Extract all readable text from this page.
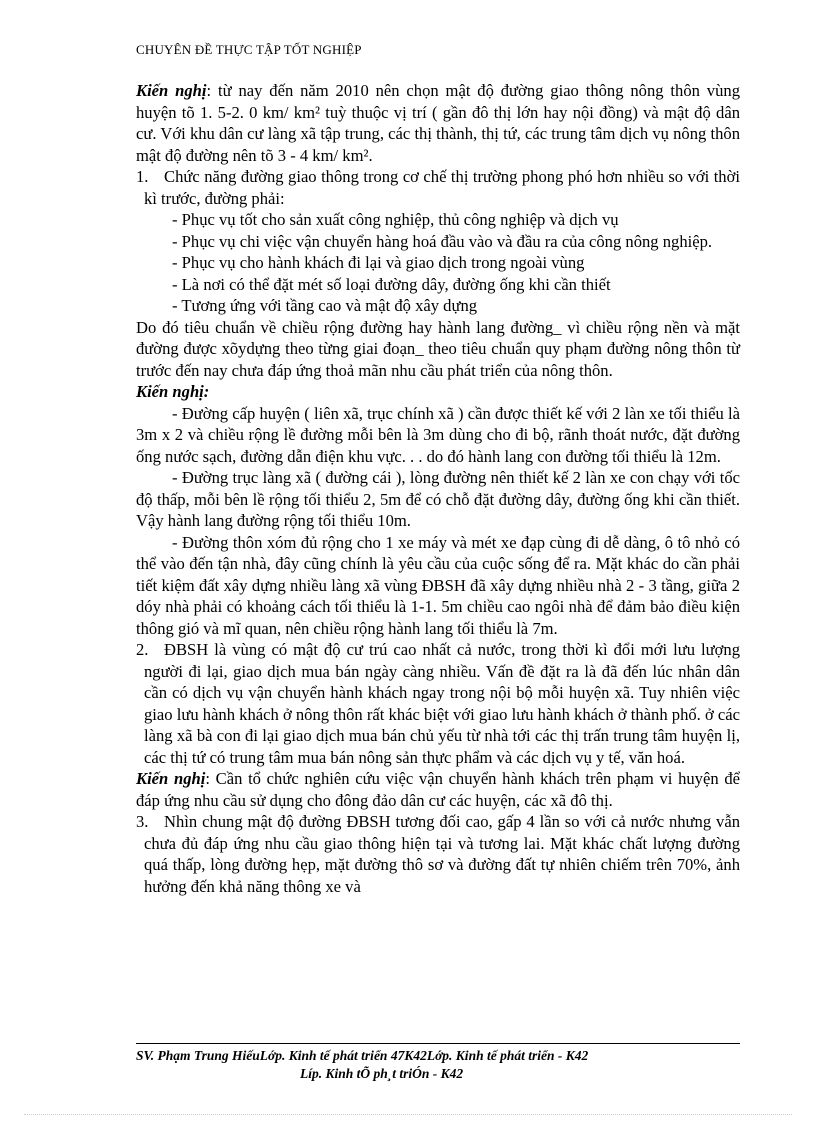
CHUYÊN ĐỀ THỰC TẬP TỐT NGHIỆP

Kiến nghị: từ nay đến năm 2010 nên chọn mật độ đường giao thông nông thôn vùng huyện tõ 1. 5-2. 0 km/ km² tuỳ thuộc vị trí ( gần đô thị lớn hay nội đồng) và mật độ dân cư. Với khu dân cư làng xã tập trung, các thị thành, thị tứ, các trung tâm dịch vụ nông thôn mật độ đường nên tõ 3 - 4 km/ km².

1. Chức năng đường giao thông trong cơ chế thị trường phong phó hơn nhiều so với thời kì trước, đường phải:
- Phục vụ tốt cho sản xuất công nghiệp, thủ công nghiệp và dịch vụ
- Phục vụ chi việc vận chuyển hàng hoá đầu vào và đầu ra của công nông nghiệp.
- Phục vụ cho hành khách đi lại và giao dịch trong ngoài vùng
- Là nơi có thể đặt mét số loại đường dây, đường ống khi cần thiết
- Tương ứng với tầng cao và mật độ xây dựng

Do đó tiêu chuẩn về chiều rộng đường hay hành lang đường_ vì chiều rộng nền và mặt đường được xõydựng theo từng giai đoạn_ theo tiêu chuẩn quy phạm đường nông thôn từ trước đến nay chưa đáp ứng thoả mãn nhu cầu phát triển của nông thôn.

Kiến nghị:
- Đường cấp huyện ( liên xã, trục chính xã ) cần được thiết kế với 2 làn xe tối thiểu là 3m x 2 và chiều rộng lề đường mỗi bên là 3m dùng cho đi bộ, rãnh thoát nước, đặt đường ống nước sạch, đường dẫn điện khu vực. . . do đó hành lang con đường tối thiểu là 12m.
- Đường trục làng xã ( đường cái ), lòng đường nên thiết kế 2 làn xe con chạy với tốc độ thấp, mỗi bên lề rộng tối thiểu 2, 5m để có chỗ đặt đường dây, đường ống khi cần thiết. Vậy hành lang đường rộng tối thiểu 10m.
- Đường thôn xóm đủ rộng cho 1 xe máy và mét xe đạp cùng đi dễ dàng, ô tô nhỏ có thể vào đến tận nhà, đây cũng chính là yêu cầu của cuộc sống để ra. Mặt khác do cần phải tiết kiệm đất xây dựng nhiều làng xã vùng ĐBSH đã xây dựng nhiều nhà 2 - 3 tầng, giữa 2 dóy nhà phải có khoảng cách tối thiểu là 1-1. 5m chiều cao ngôi nhà để đảm bảo điều kiện thông gió và mĩ quan, nên chiều rộng hành lang tối thiểu là 7m.
2. ĐBSH là vùng có mật độ cư trú cao nhất cả nước, trong thời kì đổi mới lưu lượng người đi lại, giao dịch mua bán ngày càng nhiều. Vấn đề đặt ra là đã đến lúc nhân dân cần có dịch vụ vận chuyển hành khách ngay trong nội bộ mỗi huyện xã. Tuy nhiên việc giao lưu hành khách ở nông thôn rất khác biệt với giao lưu hành khách ở thành phố. ở các làng xã bà con đi lại giao dịch mua bán chủ yếu từ nhà tới các thị trấn trung tâm huyện lị, các thị tứ có trung tâm mua bán nông sản thực phẩm và các dịch vụ y tế, văn hoá.

Kiến nghị: Cần tổ chức nghiên cứu việc vận chuyển hành khách trên phạm vi huyện để đáp ứng nhu cầu sử dụng cho đông đảo dân cư các huyện, các xã đô thị.

3. Nhìn chung mật độ đường ĐBSH tương đối cao, gấp 4 lần so với cả nước nhưng vẫn chưa đủ đáp ứng nhu cầu giao thông hiện tại và tương lai. Mặt khác chất lượng đường quá thấp, lòng đường hẹp, mặt đường thô sơ và đường đất tự nhiên chiếm trên 70%, ảnh hưởng đến khả năng thông xe và
SV. Phạm Trung HiếuLớp. Kinh tế phát triển 47K42Lớp. Kinh tế phát triển - K42
Líp. Kinh tÕ ph¸t triÓn - K42
